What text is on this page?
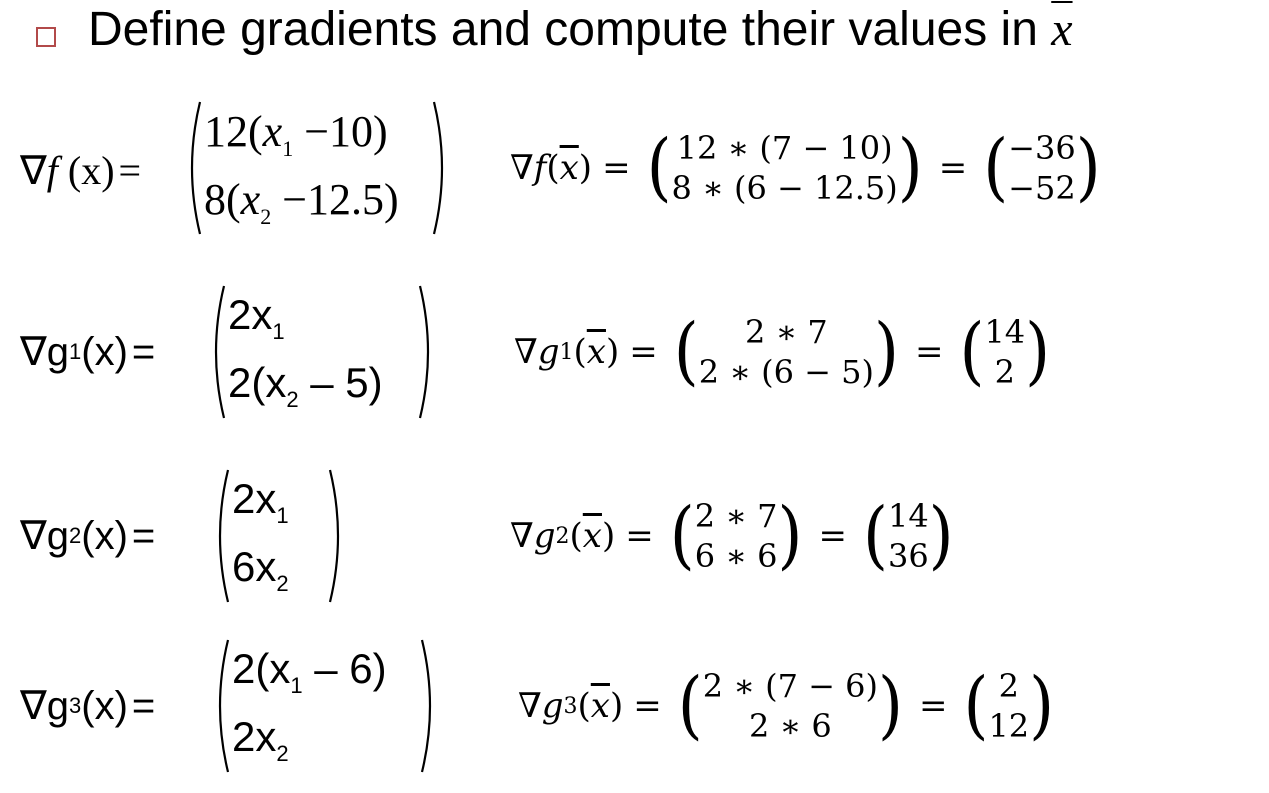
Define gradients and compute their values in $\overline{x}$
∇ f
(x) =
$12(x_1 -10)$
$8(x_2 -12.5)$
∇ f ( $\overline{x}$ ) = ( 12 ∗ (7 − 10)
8 ∗ (6 − 12.5) ) = ( −36
−52 )
∇ g 1 (x) =
$2x_1$
$2(x_2 - 5)$
∇ g 1 ( $\overline{x}$ ) = ( 2 ∗ 7
2 ∗ (6 − 5) ) = ( 14
2 )
∇ g 2 (x) =
$2x_1$
$6x_2$
∇ g 2 ( $\overline{x}$ ) = ( 2 ∗ 7
6 ∗ 6 ) = ( 14
36 )
∇ g 3 (x) =
$2(x_1 - 6)$
$2x_2$
∇ g 3 ( $\overline{x}$ ) = ( 2 ∗ (7 − 6)
2 ∗ 6 ) = ( 2
12 )
